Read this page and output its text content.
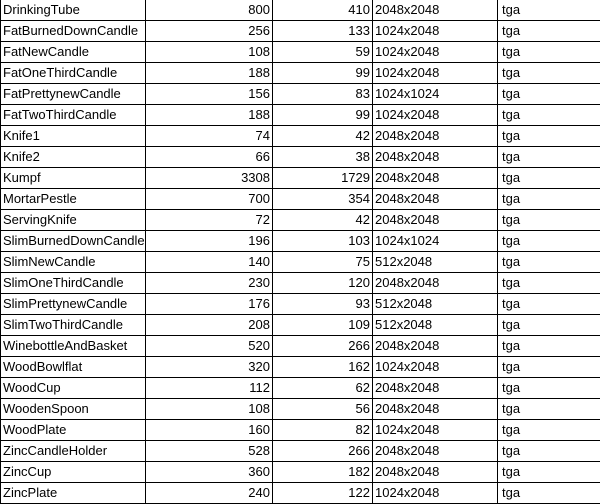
DrinkingTube	800	410	2048x2048	tga
FatBurnedDownCandle	256	133	1024x2048	tga
FatNewCandle	108	59	1024x2048	tga
FatOneThirdCandle	188	99	1024x2048	tga
FatPrettynewCandle	156	83	1024x1024	tga
FatTwoThirdCandle	188	99	1024x2048	tga
Knife1	74	42	2048x2048	tga
Knife2	66	38	2048x2048	tga
Kumpf	3308	1729	2048x2048	tga
MortarPestle	700	354	2048x2048	tga
ServingKnife	72	42	2048x2048	tga
SlimBurnedDownCandle	196	103	1024x1024	tga
SlimNewCandle	140	75	512x2048	tga
SlimOneThirdCandle	230	120	2048x2048	tga
SlimPrettynewCandle	176	93	512x2048	tga
SlimTwoThirdCandle	208	109	512x2048	tga
WinebottleAndBasket	520	266	2048x2048	tga
WoodBowlflat	320	162	1024x2048	tga
WoodCup	112	62	2048x2048	tga
WoodenSpoon	108	56	2048x2048	tga
WoodPlate	160	82	1024x2048	tga
ZincCandleHolder	528	266	2048x2048	tga
ZincCup	360	182	2048x2048	tga
ZincPlate	240	122	1024x2048	tga
